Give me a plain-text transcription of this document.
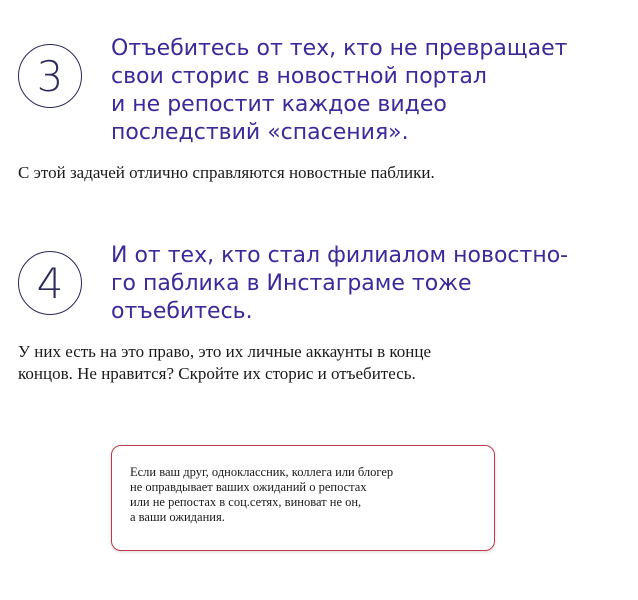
3

Отъебитесь от тех, кто не превращает
свои сторис в новостной портал
и не репостит каждое видео
последствий «спасения».

С этой задачей отлично справляются новостные паблики.

4

И от тех, кто стал филиалом новостно-
го паблика в Инстаграме тоже
отъебитесь.

У них есть на это право, это их личные аккаунты в конце
концов. Не нравится? Скройте их сторис и отъебитесь.

Если ваш друг, одноклассник, коллега или блогер
не оправдывает ваших ожиданий о репостах
или не репостах в соц.сетях, виноват не он,
а ваши ожидания.
